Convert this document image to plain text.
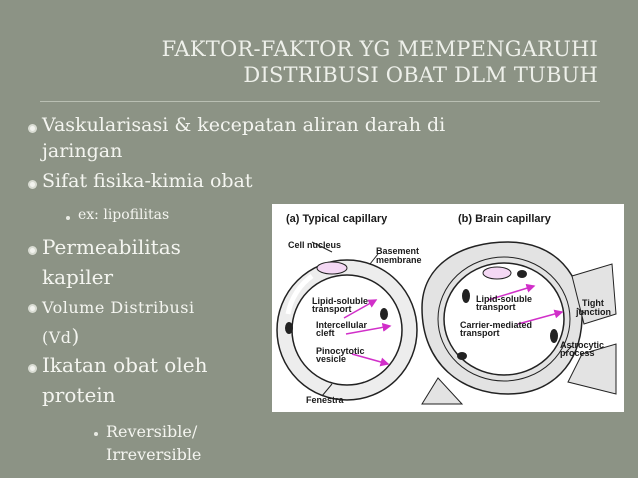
FAKTOR-FAKTOR YG MEMPENGARUHI
DISTRIBUSI OBAT DLM TUBUH
Vaskularisasi & kecepatan aliran darah di
jaringan
Sifat fisika-kimia obat
ex: lipofilitas
Permeabilitas
kapiler
Volume Distribusi
(Vd)
Ikatan obat oleh
protein
Reversible/
Irreversible
(a) Typical capillary	(b) Brain capillary
Cell nucleus
Basement
membrane
Lipid-soluble
transport
Intercellular
cleft
Pinocytotic
vesicle
Fenestra
Lipid-soluble
transport
Carrier-mediated
transport
Tight
junction
Astrocytic
process
